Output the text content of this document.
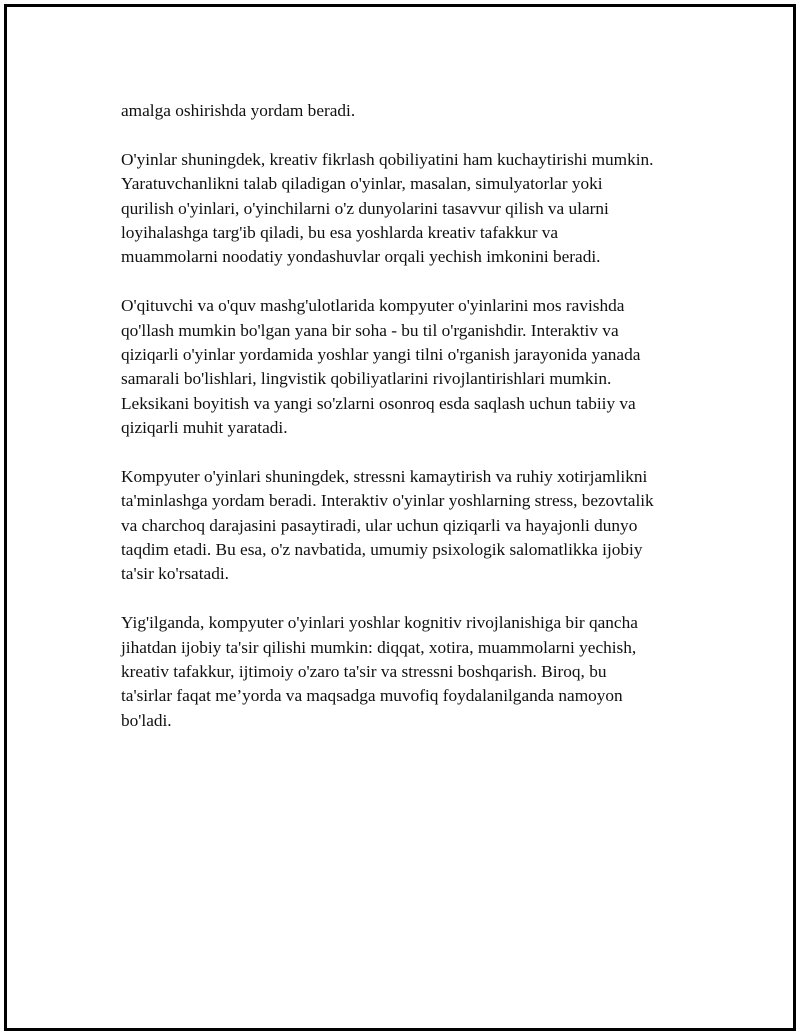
amalga oshirishda yordam beradi.
O'yinlar shuningdek, kreativ fikrlash qobiliyatini ham kuchaytirishi mumkin.
Yaratuvchanlikni talab qiladigan o'yinlar, masalan, simulyatorlar yoki
qurilish o'yinlari, o'yinchilarni o'z dunyolarini tasavvur qilish va ularni
loyihalashga targ'ib qiladi, bu esa yoshlarda kreativ tafakkur va
muammolarni noodatiy yondashuvlar orqali yechish imkonini beradi.
O'qituvchi va o'quv mashg'ulotlarida kompyuter o'yinlarini mos ravishda
qo'llash mumkin bo'lgan yana bir soha - bu til o'rganishdir. Interaktiv va
qiziqarli o'yinlar yordamida yoshlar yangi tilni o'rganish jarayonida yanada
samarali bo'lishlari, lingvistik qobiliyatlarini rivojlantirishlari mumkin.
Leksikani boyitish va yangi so'zlarni osonroq esda saqlash uchun tabiiy va
qiziqarli muhit yaratadi.
Kompyuter o'yinlari shuningdek, stressni kamaytirish va ruhiy xotirjamlikni
ta'minlashga yordam beradi. Interaktiv o'yinlar yoshlarning stress, bezovtalik
va charchoq darajasini pasaytiradi, ular uchun qiziqarli va hayajonli dunyo
taqdim etadi. Bu esa, o'z navbatida, umumiy psixologik salomatlikka ijobiy
ta'sir ko'rsatadi.
Yig'ilganda, kompyuter o'yinlari yoshlar kognitiv rivojlanishiga bir qancha
jihatdan ijobiy ta'sir qilishi mumkin: diqqat, xotira, muammolarni yechish,
kreativ tafakkur, ijtimoiy o'zaro ta'sir va stressni boshqarish. Biroq, bu
ta'sirlar faqat me’yorda va maqsadga muvofiq foydalanilganda namoyon
bo'ladi.
